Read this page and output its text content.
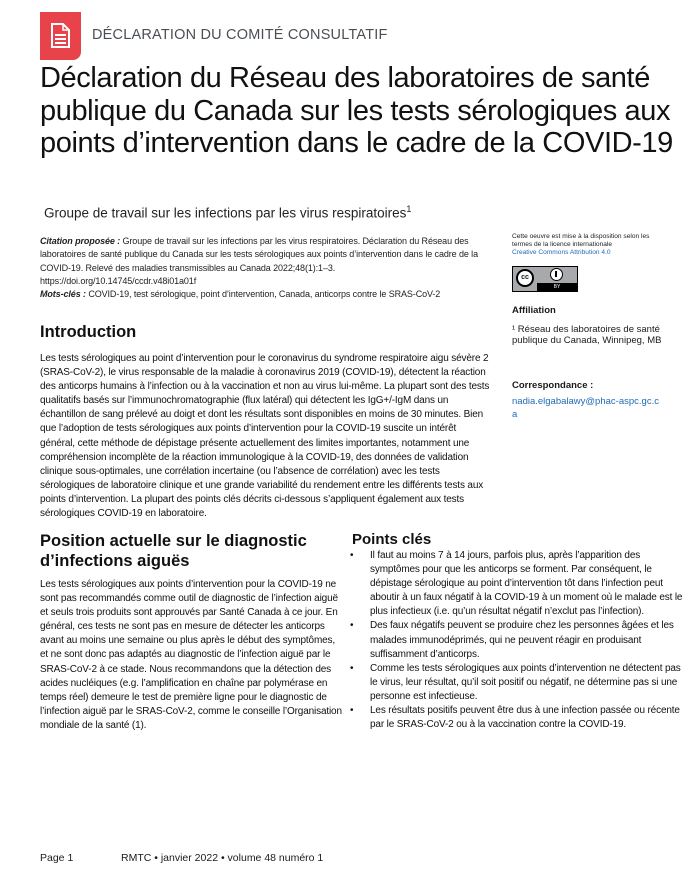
DÉCLARATION DU COMITÉ CONSULTATIF
Déclaration du Réseau des laboratoires de santé publique du Canada sur les tests sérologiques aux points d’intervention dans le cadre de la COVID-19
Groupe de travail sur les infections par les virus respiratoires$^1$
Citation proposée : Groupe de travail sur les infections par les virus respiratoires. Déclaration du Réseau des laboratoires de santé publique du Canada sur les tests sérologiques aux points d’intervention dans le cadre de la COVID-19. Relevé des maladies transmissibles au Canada 2022;48(1):1–3.
https://doi.org/10.14745/ccdr.v48i01a01f
Mots-clés : COVID-19, test sérologique, point d’intervention, Canada, anticorps contre le SRAS-CoV-2
Cette oeuvre est mise à la disposition selon les termes de la licence internationale
Creative Commons Attribution 4.0
cc
BY
Affiliation
¹ Réseau des laboratoires de santé publique du Canada, Winnipeg, MB
Correspondance :
nadia.elgabalawy@phac-aspc.gc.ca
Introduction

Les tests sérologiques au point d’intervention pour le coronavirus du syndrome respiratoire aigu sévère 2 (SRAS-CoV-2), le virus responsable de la maladie à coronavirus 2019 (COVID-19), détectent la réaction des anticorps humains à l’infection ou à la vaccination et non au virus lui-même. La plupart sont des tests qualitatifs basés sur l’immunochromatographie (flux latéral) qui détectent les IgG+/-IgM dans un échantillon de sang prélevé au doigt et dont les résultats sont disponibles en moins de 30 minutes. Bien que l’adoption de tests sérologiques aux points d’intervention pour la COVID-19 suscite un intérêt général, cette méthode de dépistage présente actuellement des limites importantes, notamment une compréhension incomplète de la réaction immunologique à la COVID-19, des données de validation clinique sous-optimales, une corrélation incertaine (ou l’absence de corrélation) avec les tests sérologiques de laboratoire clinique et une grande variabilité du rendement entre les différents tests aux points d’intervention. La plupart des points clés décrits ci-dessous s’appliquent également aux tests sérologiques COVID-19 en laboratoire.

Position actuelle sur le diagnostic d’infections aiguës

Les tests sérologiques aux points d’intervention pour la COVID-19 ne sont pas recommandés comme outil de diagnostic de l’infection aiguë et seuls trois produits sont approuvés par Santé Canada à ce jour. En général, ces tests ne sont pas en mesure de détecter les anticorps avant au moins une semaine ou plus après le début des symptômes, et ne sont donc pas adaptés au diagnostic de l’infection aiguë par le SRAS-CoV-2 à ce stade. Nous recommandons que la détection des acides nucléiques (e.g. l’amplification en chaîne par polymérase en temps réel) demeure le test de première ligne pour le diagnostic de l’infection aiguë par le SRAS-CoV-2, comme le conseille l’Organisation mondiale de la santé (1).

Points clés
• Il faut au moins 7 à 14 jours, parfois plus, après l’apparition des symptômes pour que les anticorps se forment. Par conséquent, le dépistage sérologique au point d’intervention tôt dans l’infection peut aboutir à un faux négatif à la COVID-19 à un moment où le malade est le plus infectieux (i.e. qu’un résultat négatif n’exclut pas l’infection).
• Des faux négatifs peuvent se produire chez les personnes âgées et les malades immunodéprimés, qui ne peuvent réagir en produisant suffisamment d’anticorps.
• Comme les tests sérologiques aux points d’intervention ne détectent pas le virus, leur résultat, qu’il soit positif ou négatif, ne détermine pas si une personne est infectieuse.
• Les résultats positifs peuvent être dus à une infection passée ou récente par le SRAS-CoV-2 ou à la vaccination contre la COVID-19.
Page 1	RMTC • janvier 2022 • volume 48 numéro 1
